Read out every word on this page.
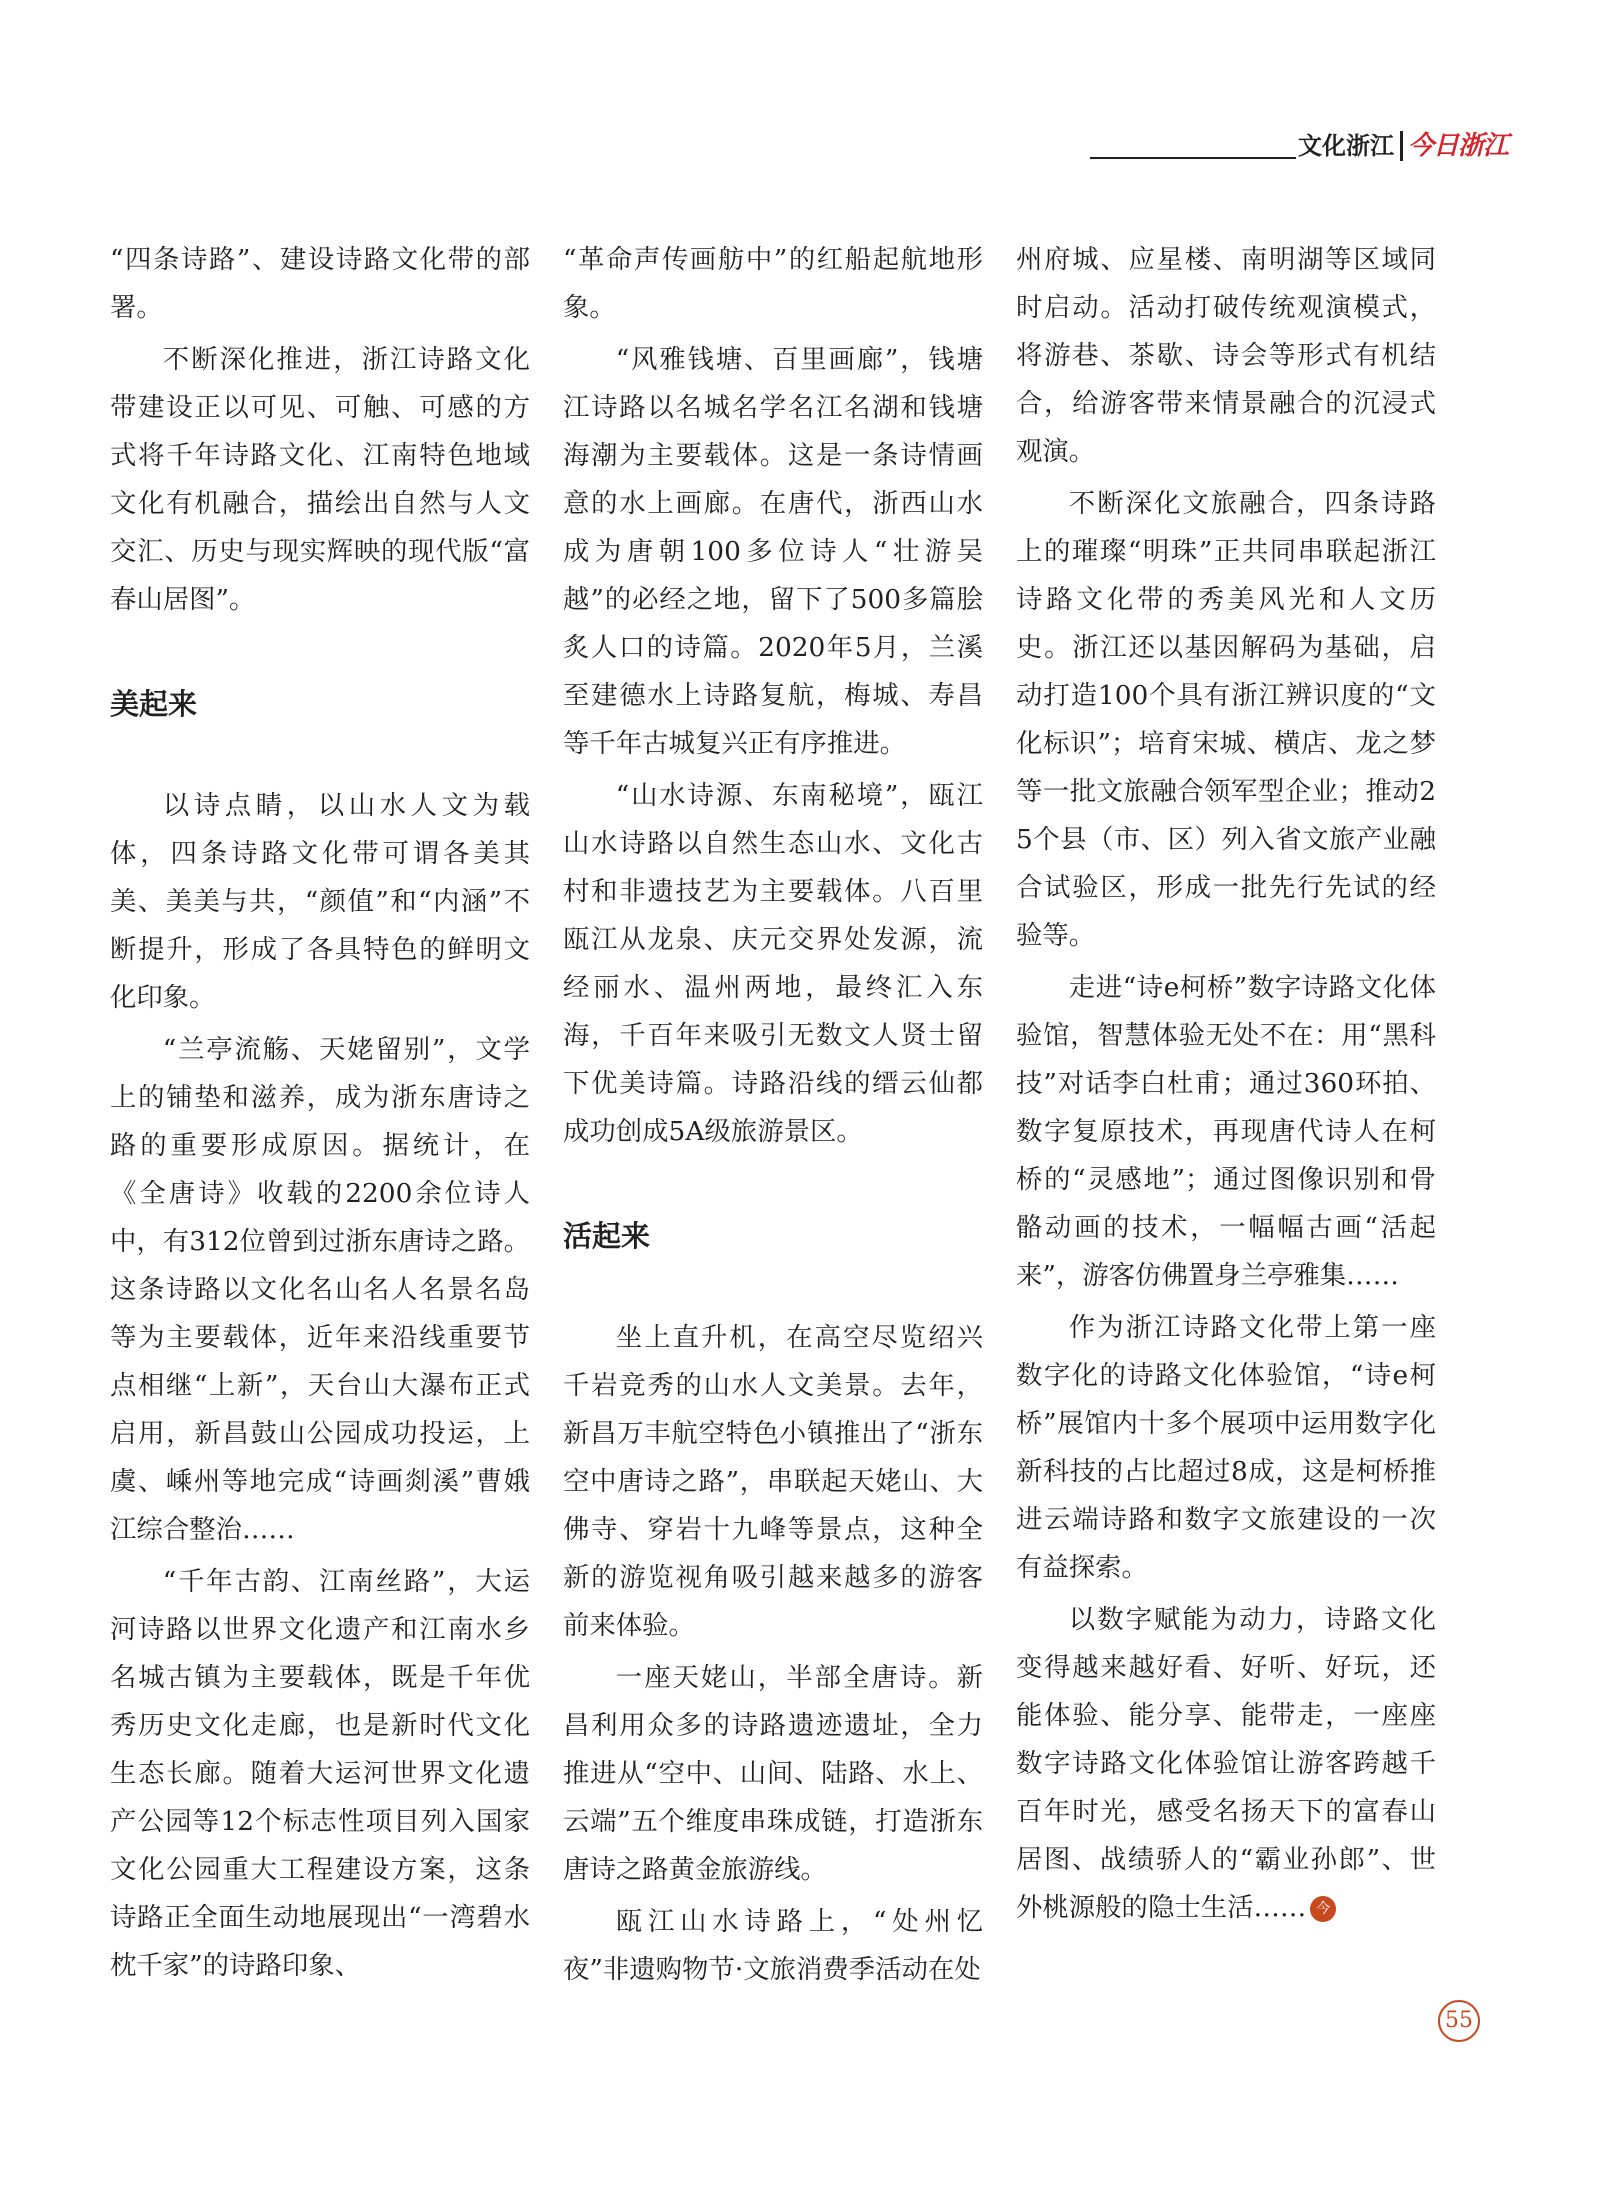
文化浙江 今日浙江

“四条诗路”、建设诗路文化带的部署。

不断深化推进，浙江诗路文化带建设正以可见、可触、可感的方式将千年诗路文化、江南特色地域文化有机融合，描绘出自然与人文交汇、历史与现实辉映的现代版“富春山居图”。

美起来

以诗点睛，以山水人文为载体，四条诗路文化带可谓各美其美、美美与共，“颜值”和“内涵”不断提升，形成了各具特色的鲜明文化印象。

“兰亭流觞、天姥留别”，文学上的铺垫和滋养，成为浙东唐诗之路的重要形成原因。据统计，在《全唐诗》收载的2200余位诗人中，有312位曾到过浙东唐诗之路。这条诗路以文化名山名人名景名岛等为主要载体，近年来沿线重要节点相继“上新”，天台山大瀑布正式启用，新昌鼓山公园成功投运，上虞、嵊州等地完成“诗画剡溪”曹娥江综合整治……

“千年古韵、江南丝路”，大运河诗路以世界文化遗产和江南水乡名城古镇为主要载体，既是千年优秀历史文化走廊，也是新时代文化生态长廊。随着大运河世界文化遗产公园等12个标志性项目列入国家文化公园重大工程建设方案，这条诗路正全面生动地展现出“一湾碧水枕千家”的诗路印象、

“革命声传画舫中”的红船起航地形象。

“风雅钱塘、百里画廊”，钱塘江诗路以名城名学名江名湖和钱塘海潮为主要载体。这是一条诗情画意的水上画廊。在唐代，浙西山水成为唐朝100多位诗人“壮游吴越”的必经之地，留下了500多篇脍炙人口的诗篇。2020年5月，兰溪至建德水上诗路复航，梅城、寿昌等千年古城复兴正有序推进。

“山水诗源、东南秘境”，瓯江山水诗路以自然生态山水、文化古村和非遗技艺为主要载体。八百里瓯江从龙泉、庆元交界处发源，流经丽水、温州两地，最终汇入东海，千百年来吸引无数文人贤士留下优美诗篇。诗路沿线的缙云仙都成功创成5A级旅游景区。

活起来

坐上直升机，在高空尽览绍兴千岩竞秀的山水人文美景。去年，新昌万丰航空特色小镇推出了“浙东空中唐诗之路”，串联起天姥山、大佛寺、穿岩十九峰等景点，这种全新的游览视角吸引越来越多的游客前来体验。

一座天姥山，半部全唐诗。新昌利用众多的诗路遗迹遗址，全力推进从“空中、山间、陆路、水上、云端”五个维度串珠成链，打造浙东唐诗之路黄金旅游线。

瓯江山水诗路上，“处州忆夜”非遗购物节·文旅消费季活动在处

州府城、应星楼、南明湖等区域同时启动。活动打破传统观演模式，将游巷、茶歇、诗会等形式有机结合，给游客带来情景融合的沉浸式观演。

不断深化文旅融合，四条诗路上的璀璨“明珠”正共同串联起浙江诗路文化带的秀美风光和人文历史。浙江还以基因解码为基础，启动打造100个具有浙江辨识度的“文化标识”；培育宋城、横店、龙之梦等一批文旅融合领军型企业；推动25个县（市、区）列入省文旅产业融合试验区，形成一批先行先试的经验等。

走进“诗e柯桥”数字诗路文化体验馆，智慧体验无处不在：用“黑科技”对话李白杜甫；通过360环拍、数字复原技术，再现唐代诗人在柯桥的“灵感地”；通过图像识别和骨骼动画的技术，一幅幅古画“活起来”，游客仿佛置身兰亭雅集……

作为浙江诗路文化带上第一座数字化的诗路文化体验馆，“诗e柯桥”展馆内十多个展项中运用数字化新科技的占比超过8成，这是柯桥推进云端诗路和数字文旅建设的一次有益探索。

以数字赋能为动力，诗路文化变得越来越好看、好听、好玩，还能体验、能分享、能带走，一座座数字诗路文化体验馆让游客跨越千百年时光，感受名扬天下的富春山居图、战绩骄人的“霸业孙郎”、世外桃源般的隐士生活…… 今

55
